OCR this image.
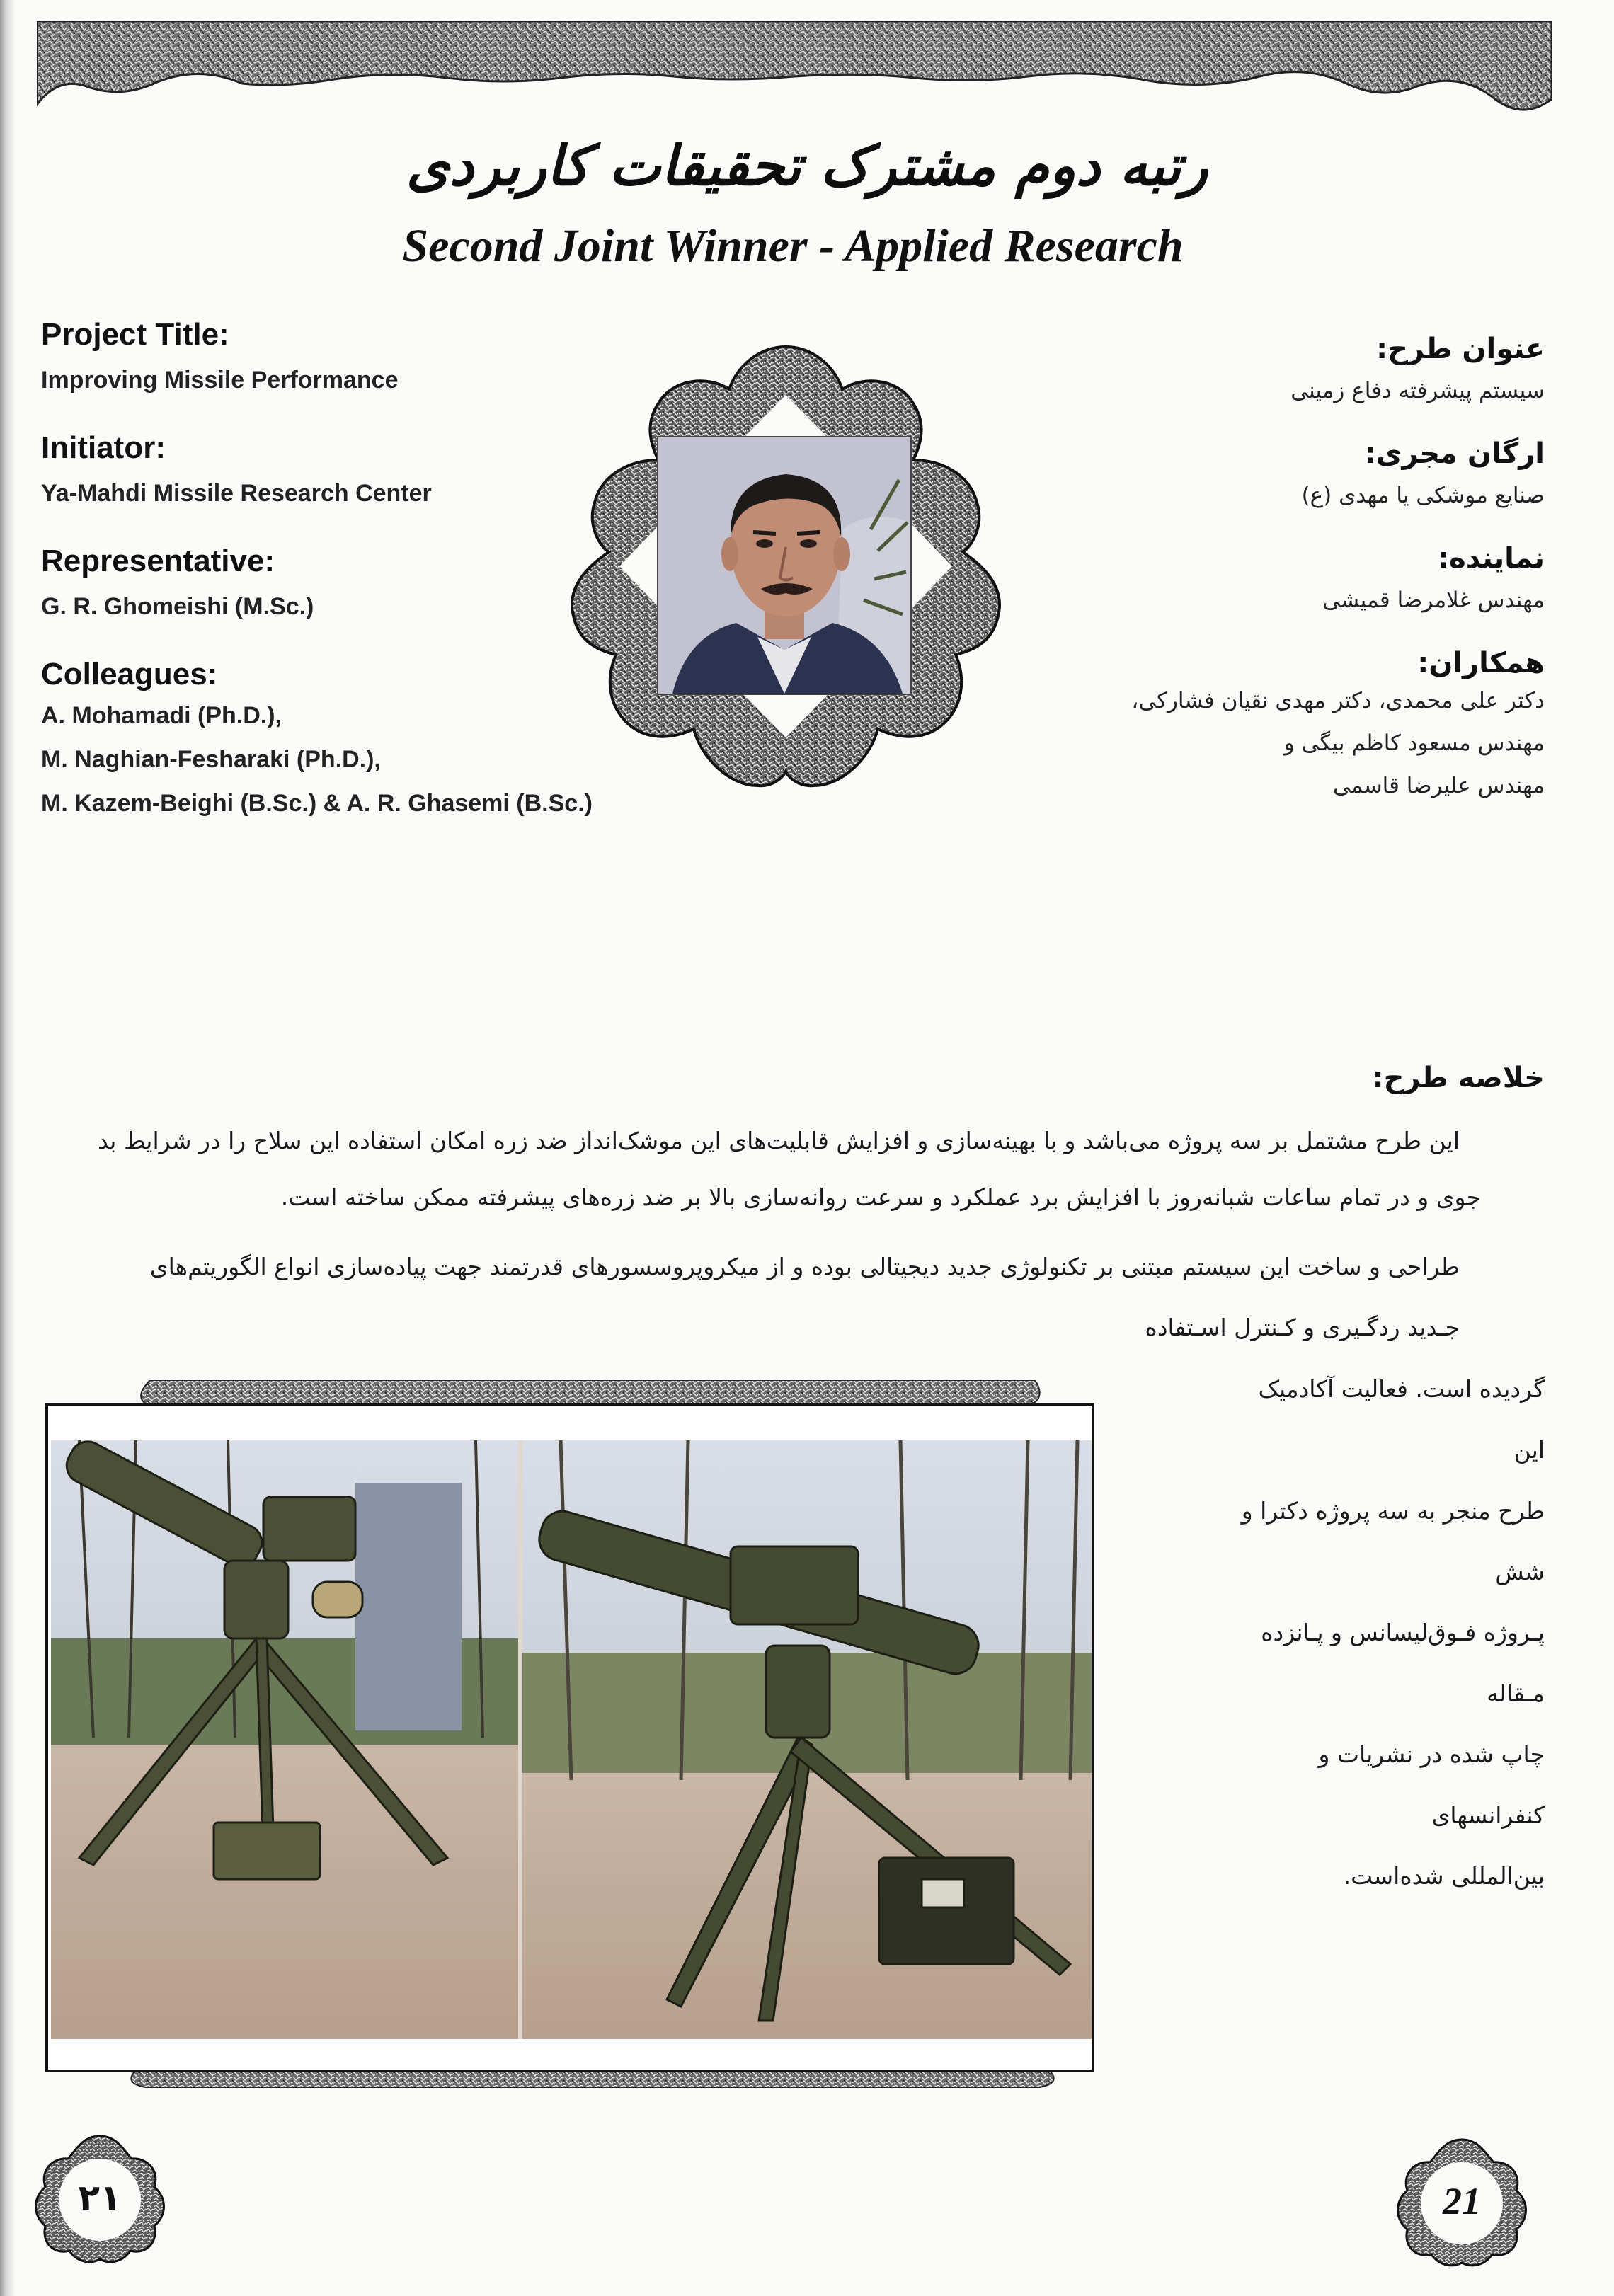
رتبه دوم مشترک تحقیقات کاربردی
Second Joint Winner - Applied Research

Project Title:

Improving Missile Performance

Initiator:

Ya-Mahdi Missile Research Center

Representative:

G. R. Ghomeishi (M.Sc.)

Colleagues:

A. Mohamadi (Ph.D.),

M. Naghian-Fesharaki (Ph.D.),

M. Kazem-Beighi (B.Sc.) & A. R. Ghasemi (B.Sc.)

عنوان طرح:

سیستم پیشرفته دفاع زمینی

ارگان مجری:

صنایع موشکی یا مهدی (ع)

نماینده:

مهندس غلامرضا قمیشی

همکاران:

دکتر علی محمدی، دکتر مهدی نقیان فشارکی،

مهندس مسعود کاظم بیگی و

مهندس علیرضا قاسمی

خلاصه طرح:

این طرح مشتمل بر سه پروژه می‌باشد و با بهینه‌سازی و افزایش قابلیت‌های این موشک‌انداز ضد زره امکان استفاده این سلاح را در شرایط بد

جوی و در تمام ساعات شبانه‌روز با افزایش برد عملکرد و سرعت روانه‌سازی بالا بر ضد زره‌های پیشرفته ممکن ساخته است.

طراحی و ساخت این سیستم مبتنی بر تکنولوژی جدید دیجیتالی بوده و از میکروپروسسورهای قدرتمند جهت پیاده‌سازی انواع الگوریتم‌های

جـدید ردگـیری و کـنترل اسـتفاده

گردیده است. فعالیت آکادمیک این
طرح منجر به سه پروژه دکترا و شش
پـروژه فـوق‌لیسانس و پـانزده مـقاله
چاپ شده در نشریات و کنفرانسهای
بین‌المللی شده‌است.
۲۱	21
